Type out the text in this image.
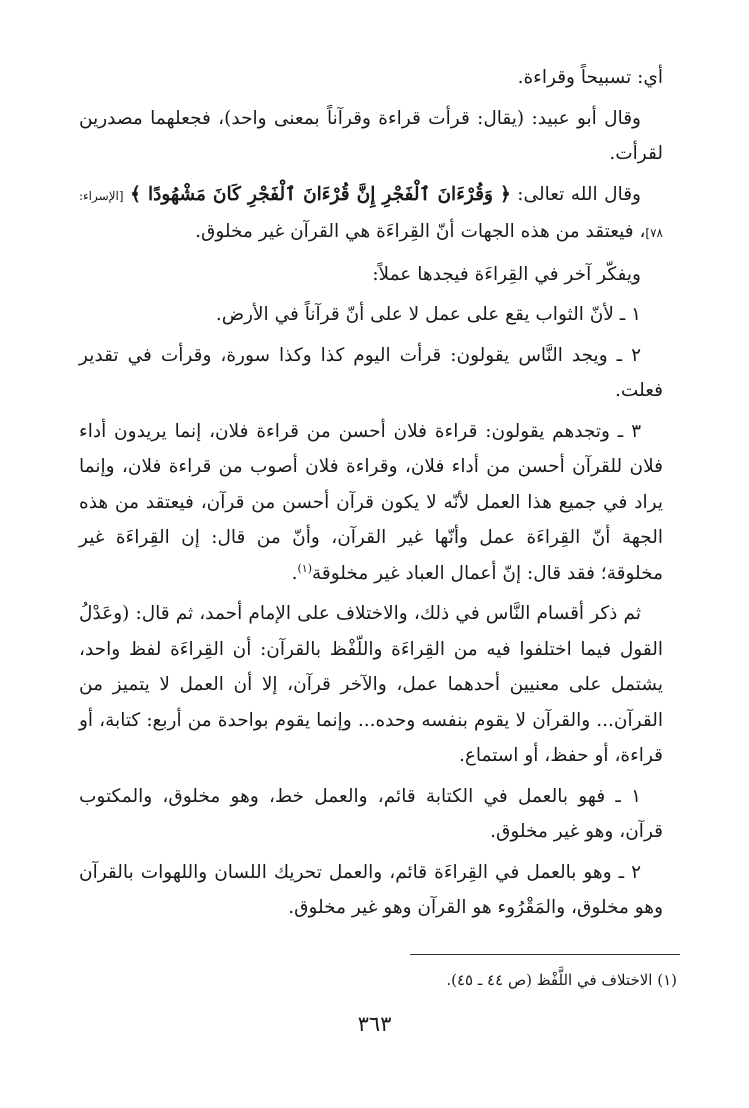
أي: تسبيحاً وقراءة.

وقال أبو عبيد: (يقال: قرأت قراءة وقرآناً بمعنى واحد)، فجعلهما مصدرين لقرأت.

وقال الله تعالى: ﴿ وَقُرْءَانَ ٱلْفَجْرِ إِنَّ قُرْءَانَ ٱلْفَجْرِ كَانَ مَشْهُودًا ﴾ [الإسراء: ٧٨]، فيعتقد من هذه الجهات أنّ القِراءَة هي القرآن غير مخلوق.

ويفكّر آخر في القِراءَة فيجدها عملاً:

١ ـ لأنّ الثواب يقع على عمل لا على أنّ قرآناً في الأرض.

٢ ـ ويجد النَّاس يقولون: قرأت اليوم كذا وكذا سورة، وقرأت في تقدير فعلت.

٣ ـ وتجدهم يقولون: قراءة فلان أحسن من قراءة فلان، إنما يريدون أداء فلان للقرآن أحسن من أداء فلان، وقراءة فلان أصوب من قراءة فلان، وإنما يراد في جميع هذا العمل لأنّه لا يكون قرآن أحسن من قرآن، فيعتقد من هذه الجهة أنّ القِراءَة عمل وأنّها غير القرآن، وأنّ من قال: إن القِراءَة غير مخلوقة؛ فقد قال: إنّ أعمال العباد غير مخلوقة$^{(١)}$.

ثم ذكر أقسام النَّاس في ذلك، والاختلاف على الإمام أحمد، ثم قال: (وعَدْلُ القول فيما اختلفوا فيه من القِراءَة واللّفْظ بالقرآن: أن القِراءَة لفظ واحد، يشتمل على معنيين أحدهما عمل، والآخر قرآن، إلا أن العمل لا يتميز من القرآن... والقرآن لا يقوم بنفسه وحده... وإنما يقوم بواحدة من أربع: كتابة، أو قراءة، أو حفظ، أو استماع.

١ ـ فهو بالعمل في الكتابة قائم، والعمل خط، وهو مخلوق، والمكتوب قرآن، وهو غير مخلوق.

٢ ـ وهو بالعمل في القِراءَة قائم، والعمل تحريك اللسان واللهوات بالقرآن وهو مخلوق، والمَقْرُوء هو القرآن وهو غير مخلوق.

(١) الاختلاف في اللَّفْظ (ص ٤٤ ـ ٤٥).
٣٦٣
